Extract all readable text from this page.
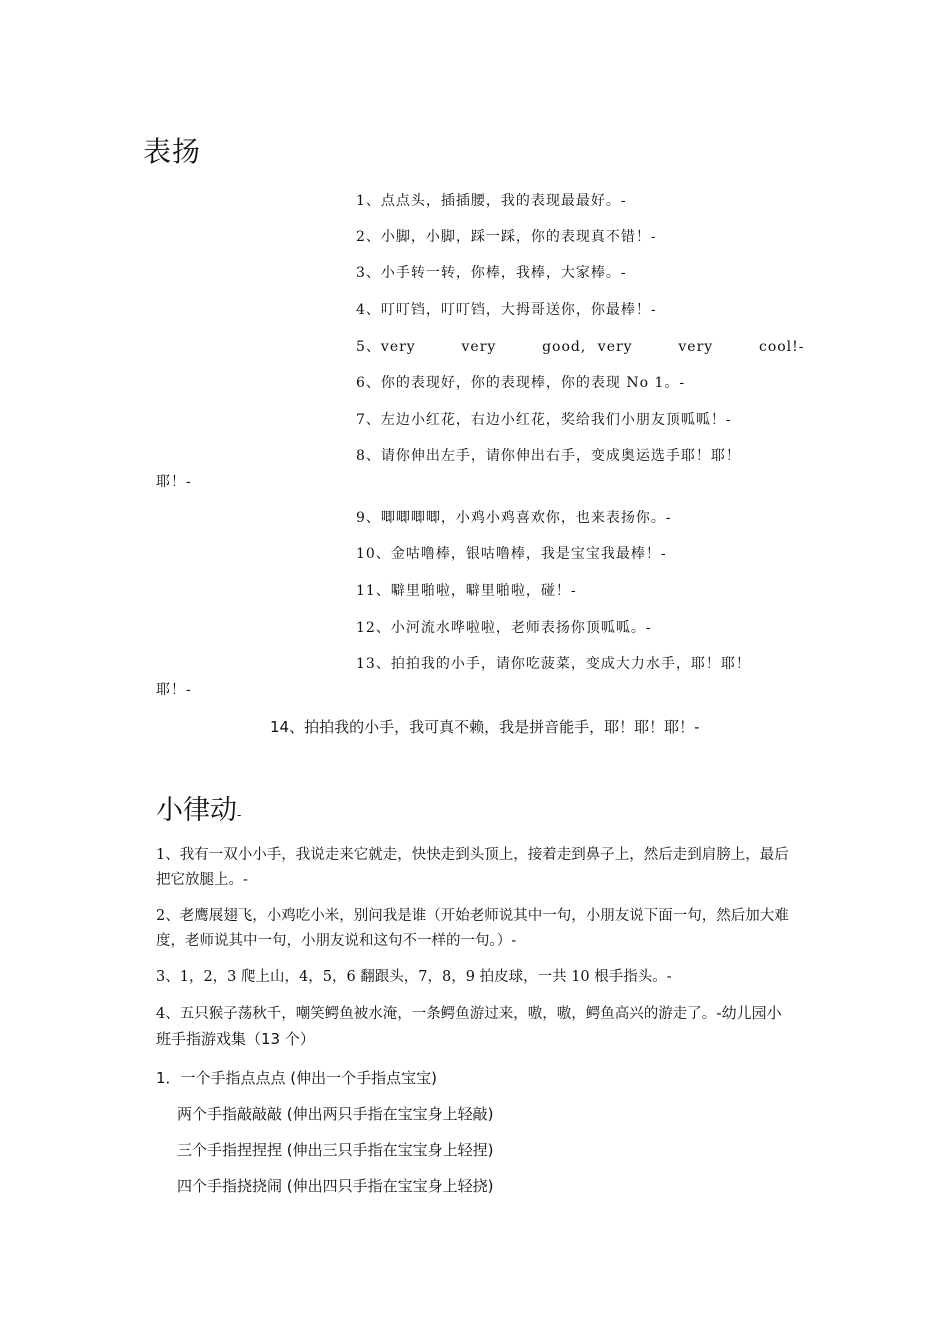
表扬
1、点点头，插插腰，我的表现最最好。-
2、小脚，小脚，踩一踩，你的表现真不错！-
3、小手转一转，你棒，我棒，大家棒。-
4、叮叮铛，叮叮铛，大拇哥送你，你最棒！-
5、very    very    good, very    very    cool!-
6、你的表现好，你的表现棒，你的表现 No 1。-
7、左边小红花，右边小红花，奖给我们小朋友顶呱呱！-
8、请你伸出左手，请你伸出右手，变成奥运选手耶！耶！
耶！-
9、唧唧唧唧，小鸡小鸡喜欢你，也来表扬你。-
10、金咕噜棒，银咕噜棒，我是宝宝我最棒！-
11、噼里啪啦，噼里啪啦，碰！-
12、小河流水哗啦啦，老师表扬你顶呱呱。-
13、拍拍我的小手，请你吃菠菜，变成大力水手，耶！耶！
耶！-
14、拍拍我的小手，我可真不赖，我是拼音能手，耶！耶！耶！-
小律动-
1、我有一双小小手，我说走来它就走，快快走到头顶上，接着走到鼻子上，然后走到肩膀上，最后把它放腿上。-
2、老鹰展翅飞，小鸡吃小米，别问我是谁（开始老师说其中一句，小朋友说下面一句，然后加大难度，老师说其中一句，小朋友说和这句不一样的一句。）-
3、1，2，3 爬上山，4，5，6 翻跟头，7，8，9 拍皮球，一共 10 根手指头。-
4、五只猴子荡秋千，嘲笑鳄鱼被水淹，一条鳄鱼游过来，嗷，嗷，鳄鱼高兴的游走了。-幼儿园小班手指游戏集（13 个）
1．一个手指点点点 (伸出一个手指点宝宝)
两个手指敲敲敲 (伸出两只手指在宝宝身上轻敲)
三个手指捏捏捏 (伸出三只手指在宝宝身上轻捏)
四个手指挠挠闹 (伸出四只手指在宝宝身上轻挠)
